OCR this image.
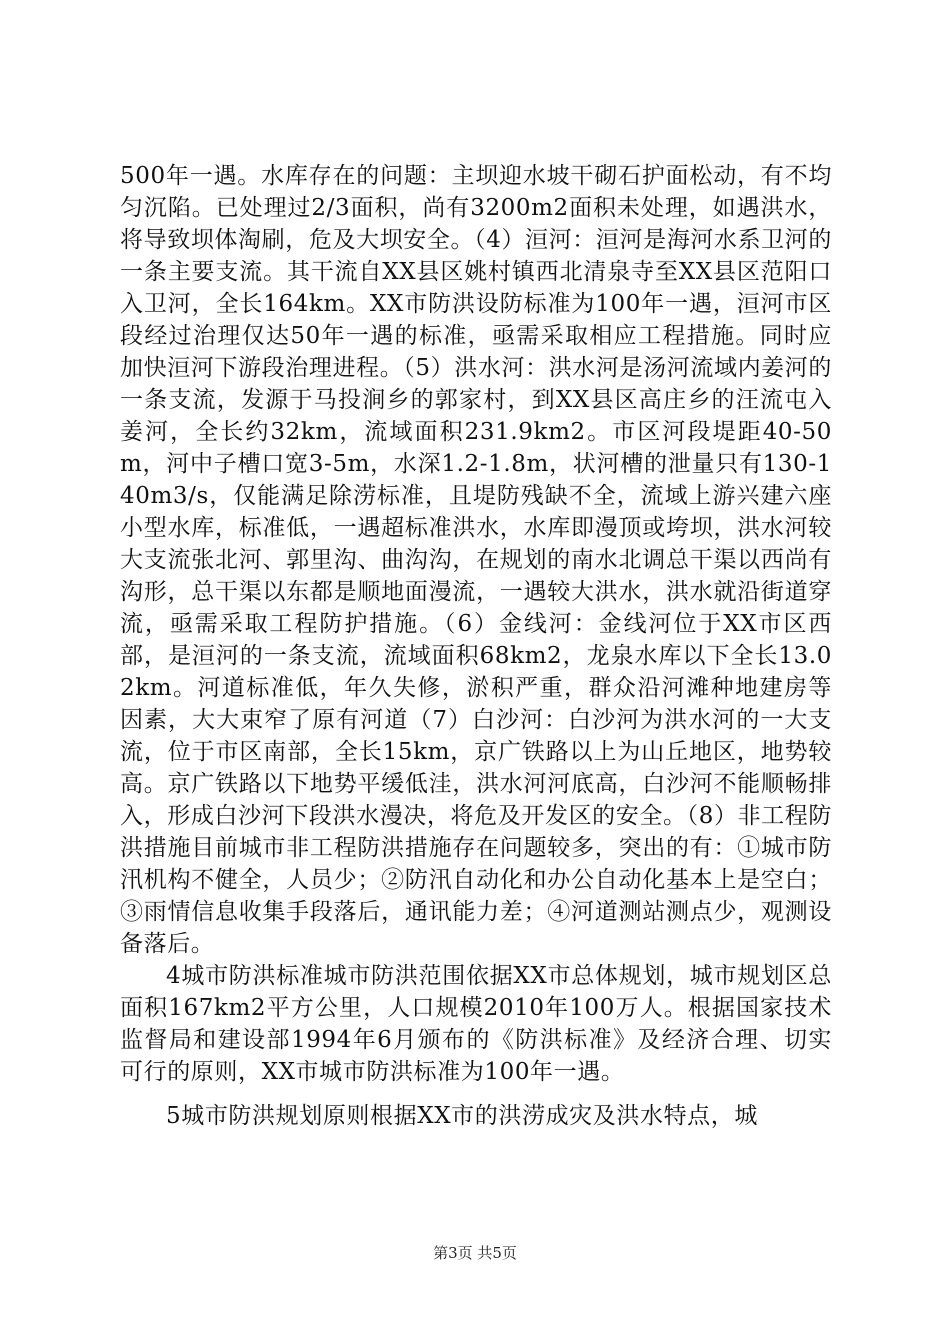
500年一遇。水库存在的问题：主坝迎水坡干砌石护面松动，有不均匀沉陷。已处理过2/3面积，尚有3200m2面积未处理，如遇洪水，将导致坝体淘刷，危及大坝安全。（4）洹河：洹河是海河水系卫河的一条主要支流。其干流自XX县区姚村镇西北清泉寺至XX县区范阳口入卫河，全长164km。XX市防洪设防标准为100年一遇，洹河市区段经过治理仅达50年一遇的标准，亟需采取相应工程措施。同时应加快洹河下游段治理进程。（5）洪水河：洪水河是汤河流域内姜河的一条支流，发源于马投涧乡的郭家村，到XX县区高庄乡的汪流屯入姜河，全长约32km，流域面积231.9km2。市区河段堤距40-50m，河中子槽口宽3-5m，水深1.2-1.8m，状河槽的泄量只有130-140m3/s，仅能满足除涝标准，且堤防残缺不全，流域上游兴建六座小型水库，标准低，一遇超标准洪水，水库即漫顶或垮坝，洪水河较大支流张北河、郭里沟、曲沟沟，在规划的南水北调总干渠以西尚有沟形，总干渠以东都是顺地面漫流，一遇较大洪水，洪水就沿街道穿流，亟需采取工程防护措施。（6）金线河：金线河位于XX市区西部，是洹河的一条支流，流域面积68km2，龙泉水库以下全长13.02km。河道标准低，年久失修，淤积严重，群众沿河滩种地建房等因素，大大束窄了原有河道（7）白沙河：白沙河为洪水河的一大支流，位于市区南部，全长15km，京广铁路以上为山丘地区，地势较高。京广铁路以下地势平缓低洼，洪水河河底高，白沙河不能顺畅排入，形成白沙河下段洪水漫决，将危及开发区的安全。（8）非工程防洪措施目前城市非工程防洪措施存在问题较多，突出的有：①城市防汛机构不健全，人员少；②防汛自动化和办公自动化基本上是空白；③雨情信息收集手段落后，通讯能力差；④河道测站测点少，观测设备落后。

4城市防洪标准城市防洪范围依据XX市总体规划，城市规划区总面积167km2平方公里，人口规模2010年100万人。根据国家技术监督局和建设部1994年6月颁布的《防洪标准》及经济合理、切实可行的原则，XX市城市防洪标准为100年一遇。

5城市防洪规划原则根据XX市的洪涝成灾及洪水特点，城

第3页 共5页
